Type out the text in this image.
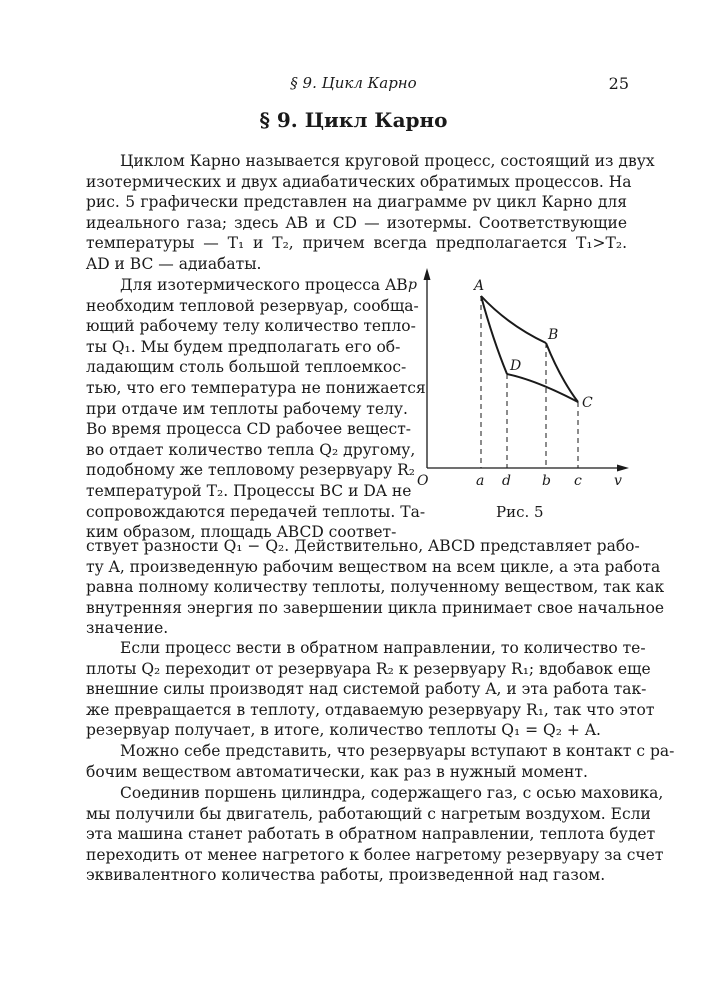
§ 9. Цикл Карно	25
§ 9. Цикл Карно
Циклом Карно называется круговой процесс, состоящий из двух
изотермических и двух адиабатических обратимых процессов. На
рис. 5 графически представлен на диаграмме pv цикл Карно для
идеального газа; здесь AB и CD — изотермы. Соответствующие
температуры — T₁ и T₂, причем всегда предполагается T₁>T₂.
AD и BC — адиабаты.
Для изотермического процесса AB
необходим тепловой резервуар, сообща-
ющий рабочему телу количество тепло-
ты Q₁. Мы будем предполагать его об-
ладающим столь большой теплоемкос-
тью, что его температура не понижается
при отдаче им теплоты рабочему телу.
Во время процесса CD рабочее вещест-
во отдает количество тепла Q₂ другому,
подобному же тепловому резервуару R₂
температурой T₂. Процессы BC и DA не
сопровождаются передачей теплоты. Та-
ким образом, площадь ABCD соответ-
ствует разности Q₁ − Q₂. Действительно, ABCD представляет рабо-
ту A, произведенную рабочим веществом на всем цикле, а эта работа
равна полному количеству теплоты, полученному веществом, так как
внутренняя энергия по завершении цикла принимает свое начальное
значение.
Если процесс вести в обратном направлении, то количество те-
плоты Q₂ переходит от резервуара R₂ к резервуару R₁; вдобавок еще
внешние силы производят над системой работу A, и эта работа так-
же превращается в теплоту, отдаваемую резервуару R₁, так что этот
резервуар получает, в итоге, количество теплоты Q₁ = Q₂ + A.
Можно себе представить, что резервуары вступают в контакт с ра-
бочим веществом автоматически, как раз в нужный момент.
Соединив поршень цилиндра, содержащего газ, с осью маховика,
мы получили бы двигатель, работающий с нагретым воздухом. Если
эта машина станет работать в обратном направлении, теплота будет
переходить от менее нагретого к более нагретому резервуару за счет
эквивалентного количества работы, произведенной над газом.
p
v
O
A
B
C
D
a d b c
Рис. 5
